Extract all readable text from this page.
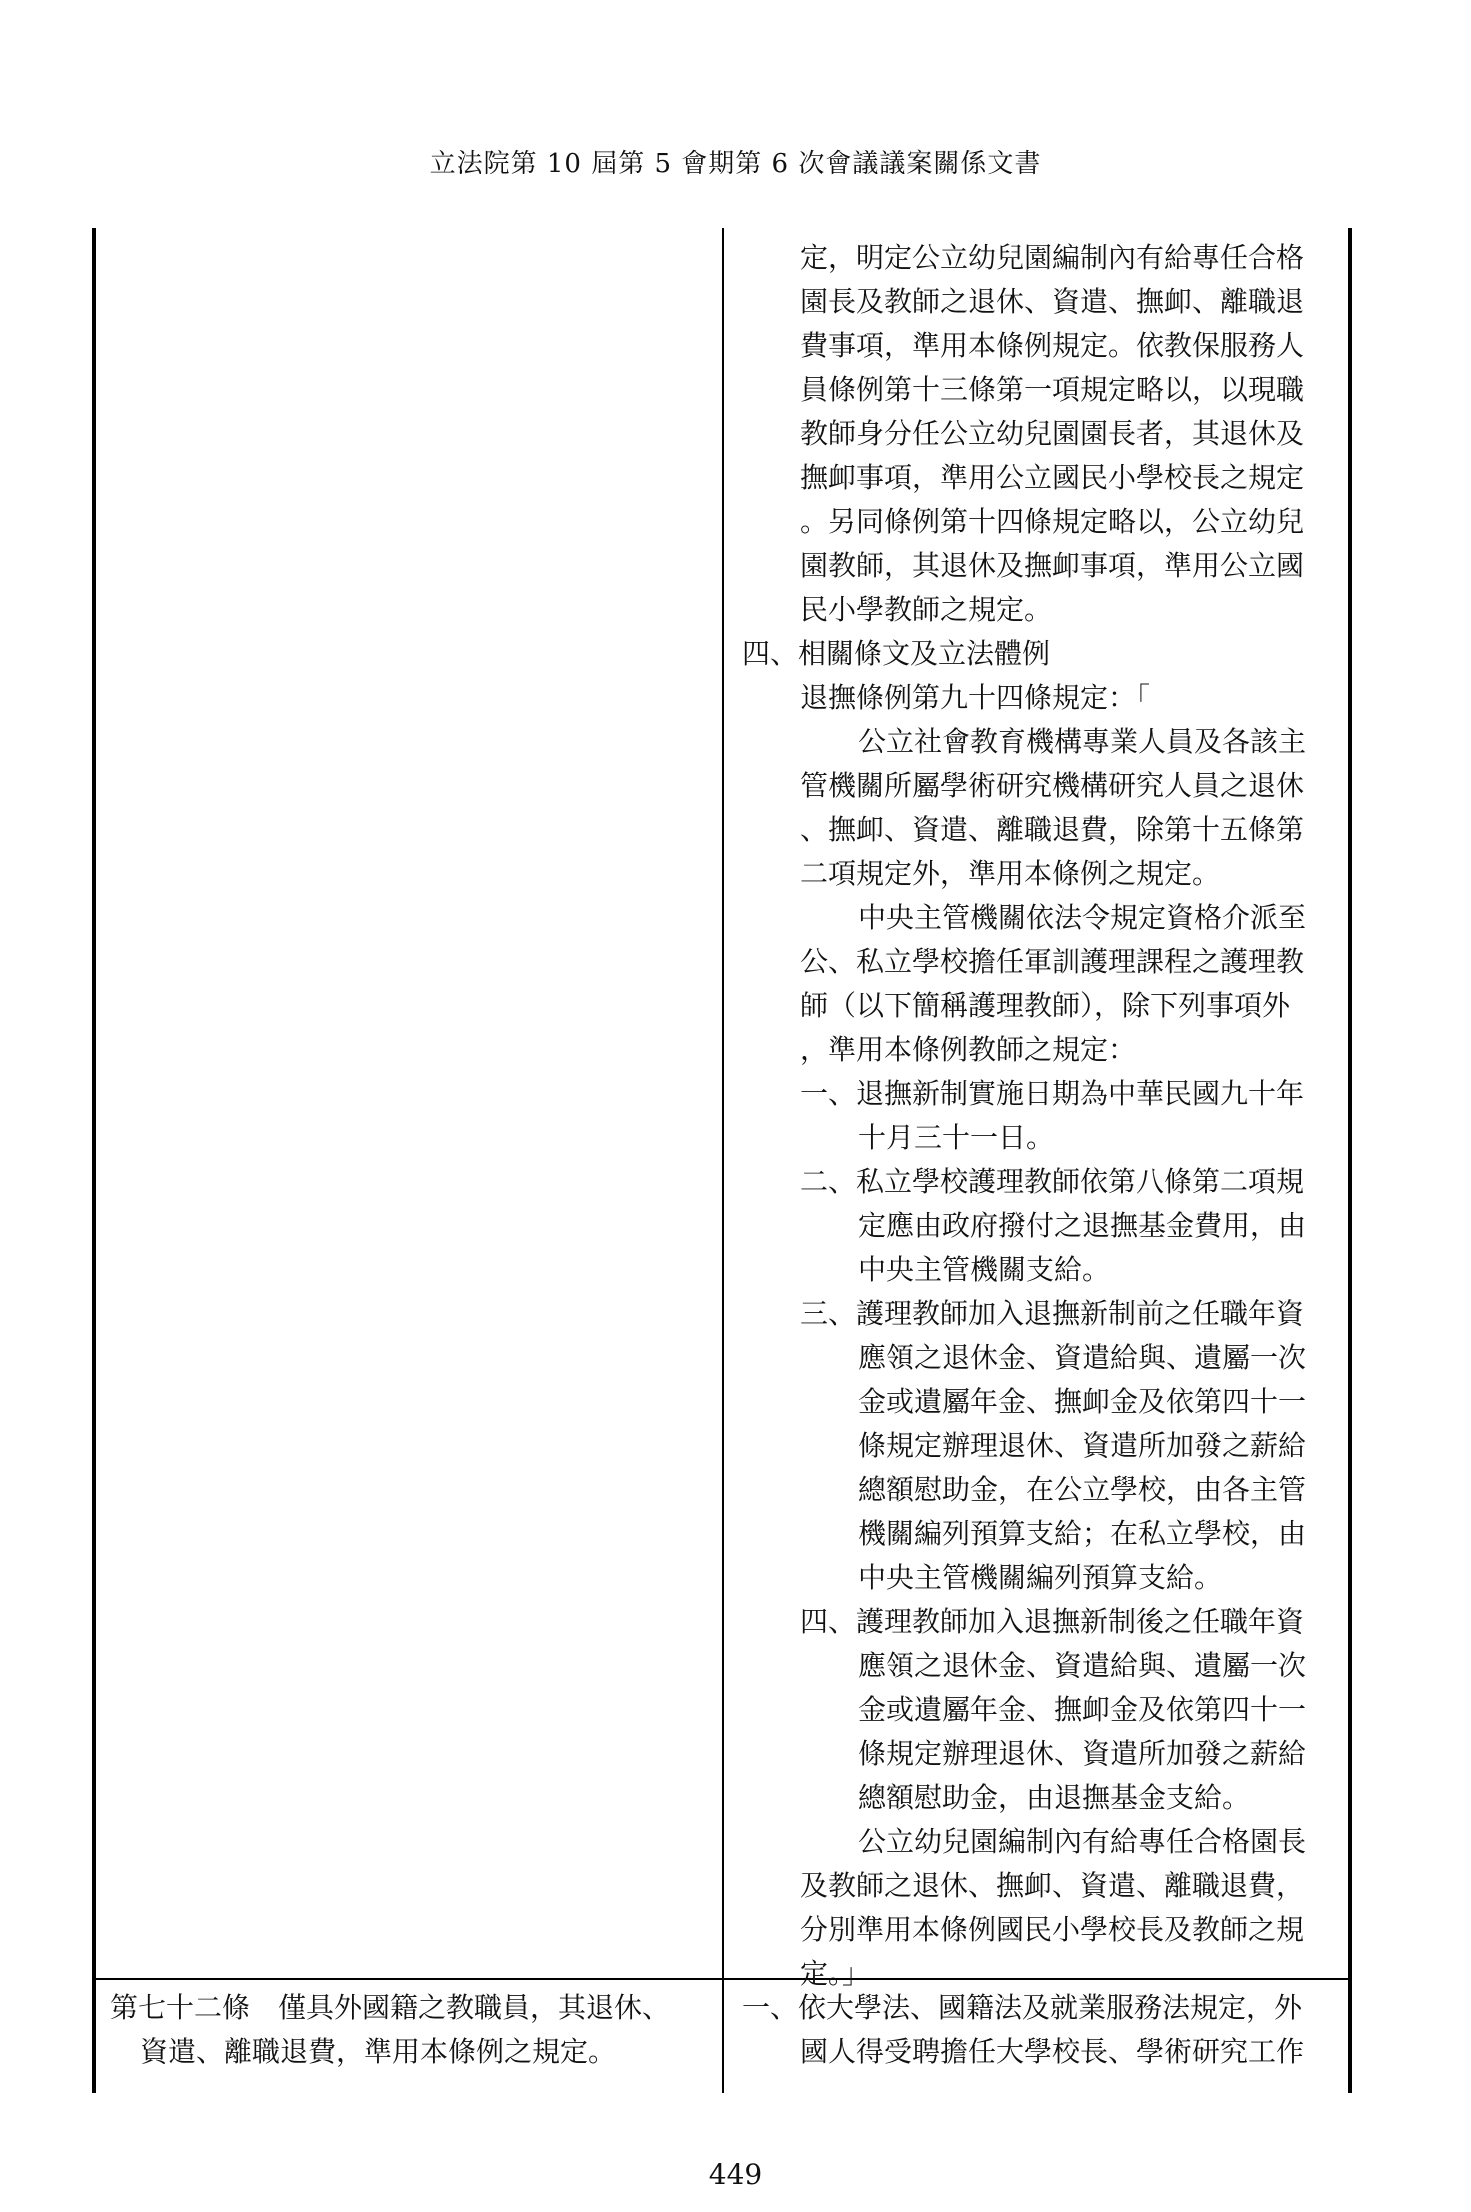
立法院第 10 屆第 5 會期第 6 次會議議案關係文書
定，明定公立幼兒園編制內有給專任合格
園長及教師之退休、資遣、撫卹、離職退
費事項，準用本條例規定。依教保服務人
員條例第十三條第一項規定略以，以現職
教師身分任公立幼兒園園長者，其退休及
撫卹事項，準用公立國民小學校長之規定
。另同條例第十四條規定略以，公立幼兒
園教師，其退休及撫卹事項，準用公立國
民小學教師之規定。
四、相關條文及立法體例
退撫條例第九十四條規定：「
公立社會教育機構專業人員及各該主
管機關所屬學術研究機構研究人員之退休
、撫卹、資遣、離職退費，除第十五條第
二項規定外，準用本條例之規定。
中央主管機關依法令規定資格介派至
公、私立學校擔任軍訓護理課程之護理教
師（以下簡稱護理教師），除下列事項外
，準用本條例教師之規定：
一、退撫新制實施日期為中華民國九十年
十月三十一日。
二、私立學校護理教師依第八條第二項規
定應由政府撥付之退撫基金費用，由
中央主管機關支給。
三、護理教師加入退撫新制前之任職年資
應領之退休金、資遣給與、遺屬一次
金或遺屬年金、撫卹金及依第四十一
條規定辦理退休、資遣所加發之薪給
總額慰助金，在公立學校，由各主管
機關編列預算支給；在私立學校，由
中央主管機關編列預算支給。
四、護理教師加入退撫新制後之任職年資
應領之退休金、資遣給與、遺屬一次
金或遺屬年金、撫卹金及依第四十一
條規定辦理退休、資遣所加發之薪給
總額慰助金，由退撫基金支給。
公立幼兒園編制內有給專任合格園長
及教師之退休、撫卹、資遣、離職退費，
分別準用本條例國民小學校長及教師之規
定。」
第七十二條　僅具外國籍之教職員，其退休、
資遣、離職退費，準用本條例之規定。
一、依大學法、國籍法及就業服務法規定，外
國人得受聘擔任大學校長、學術研究工作
449
